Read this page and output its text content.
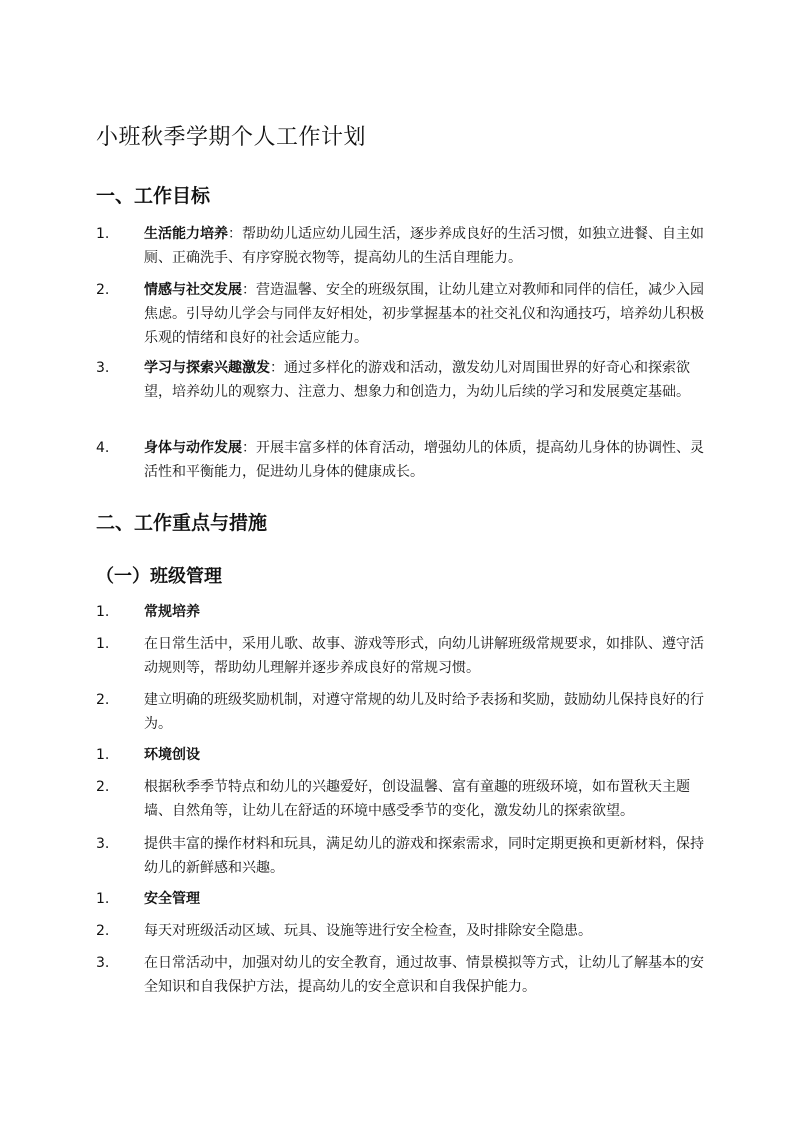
小班秋季学期个人工作计划
一、工作目标
1.	生活能力培养：帮助幼儿适应幼儿园生活，逐步养成良好的生活习惯，如独立进餐、自主如厕、正确洗手、有序穿脱衣物等，提高幼儿的生活自理能力。
2.	情感与社交发展：营造温馨、安全的班级氛围，让幼儿建立对教师和同伴的信任，减少入园焦虑。引导幼儿学会与同伴友好相处，初步掌握基本的社交礼仪和沟通技巧，培养幼儿积极乐观的情绪和良好的社会适应能力。
3.	学习与探索兴趣激发：通过多样化的游戏和活动，激发幼儿对周围世界的好奇心和探索欲望，培养幼儿的观察力、注意力、想象力和创造力，为幼儿后续的学习和发展奠定基础。
4.	身体与动作发展：开展丰富多样的体育活动，增强幼儿的体质，提高幼儿身体的协调性、灵活性和平衡能力，促进幼儿身体的健康成长。
二、工作重点与措施
（一）班级管理
1.	常规培养
1.	在日常生活中，采用儿歌、故事、游戏等形式，向幼儿讲解班级常规要求，如排队、遵守活动规则等，帮助幼儿理解并逐步养成良好的常规习惯。
2.	建立明确的班级奖励机制，对遵守常规的幼儿及时给予表扬和奖励，鼓励幼儿保持良好的行为。
1.	环境创设
2.	根据秋季季节特点和幼儿的兴趣爱好，创设温馨、富有童趣的班级环境，如布置秋天主题墙、自然角等，让幼儿在舒适的环境中感受季节的变化，激发幼儿的探索欲望。
3.	提供丰富的操作材料和玩具，满足幼儿的游戏和探索需求，同时定期更换和更新材料，保持幼儿的新鲜感和兴趣。
1.	安全管理
2.	每天对班级活动区域、玩具、设施等进行安全检查，及时排除安全隐患。
3.	在日常活动中，加强对幼儿的安全教育，通过故事、情景模拟等方式，让幼儿了解基本的安全知识和自我保护方法，提高幼儿的安全意识和自我保护能力。
